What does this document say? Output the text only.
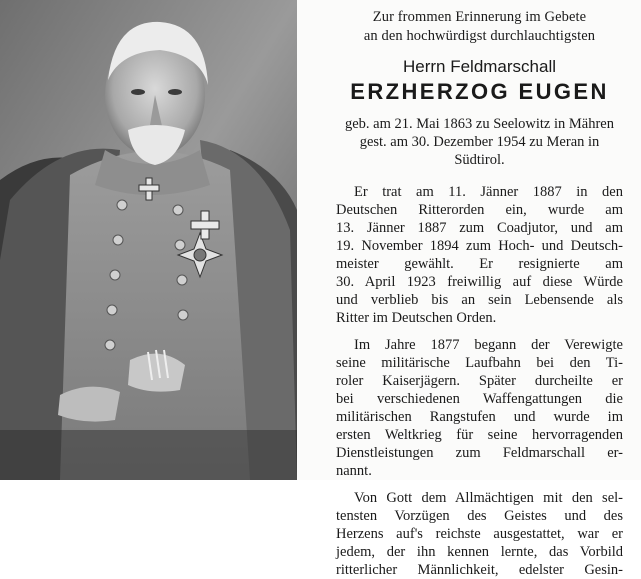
Zur frommen Erinnerung im Gebete
an den hochwürdigst durchlauchtigsten
Herrn Feldmarschall
ERZHERZOG EUGEN
geb. am 21. Mai 1863 zu Seelowitz in Mähren
gest. am 30. Dezember 1954 zu Meran in
Südtirol.
Er trat am 11. Jänner 1887 in den
Deutschen Ritterorden ein, wurde am
13. Jänner 1887 zum Coadjutor, und am
19. November 1894 zum Hoch- und Deutsch-
meister gewählt. Er resignierte am
30. April 1923 freiwillig auf diese Würde
und verblieb bis an sein Lebensende als
Ritter im Deutschen Orden.
Im Jahre 1877 begann der Verewigte
seine militärische Laufbahn bei den Ti-
roler Kaiserjägern. Später durcheilte er
bei verschiedenen Waffengattungen die
militärischen Rangstufen und wurde im
ersten Weltkrieg für seine hervorragenden
Dienstleistungen zum Feldmarschall er-
nannt.
Von Gott dem Allmächtigen mit den sel-
tensten Vorzügen des Geistes und des
Herzens auf's reichste ausgestattet, war er
jedem, der ihn kennen lernte, das Vorbild
ritterlicher Männlichkeit, edelster Gesin-
